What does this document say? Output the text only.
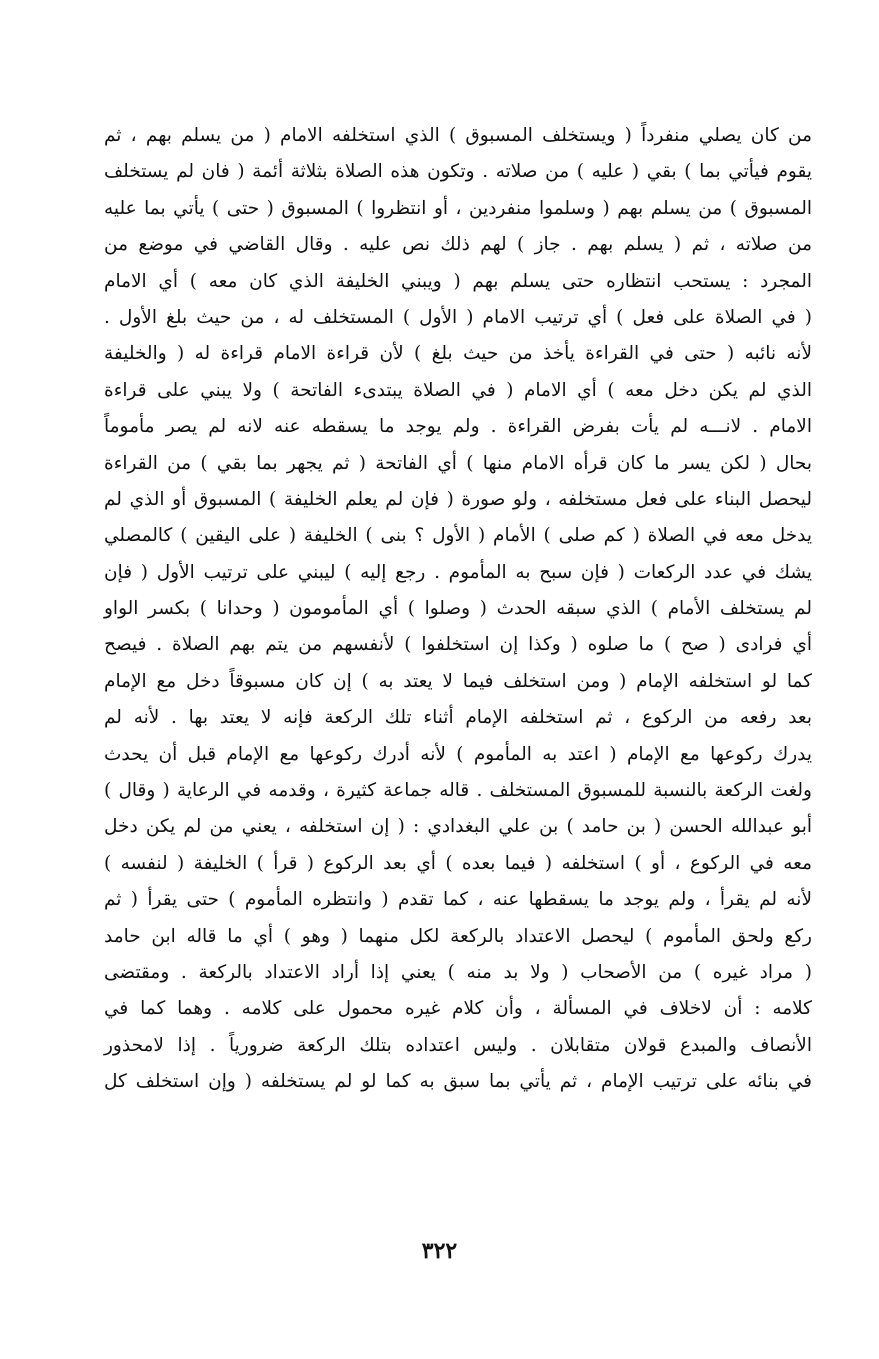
من كان يصلي منفرداً ( ويستخلف المسبوق ) الذي استخلفه الامام ( من يسلم بهم ، ثم
يقوم فيأتي بما ) بقي ( عليه ) من صلاته . وتكون هذه الصلاة بثلاثة أئمة ( فان لم يستخلف
المسبوق ) من يسلم بهم ( وسلموا منفردين ، أو انتظروا ) المسبوق ( حتى ) يأتي بما عليه
من صلاته ، ثم ( يسلم بهم . جاز ) لهم ذلك نص عليه . وقال القاضي في موضع من
المجرد : يستحب انتظاره حتى يسلم بهم ( ويبني الخليفة الذي كان معه ) أي الامام
( في الصلاة على فعل ) أي ترتيب الامام ( الأول ) المستخلف له ، من حيث بلغ الأول .
لأنه نائبه ( حتى في القراءة يأخذ من حيث بلغ ) لأن قراءة الامام قراءة له ( والخليفة
الذي لم يكن دخل معه ) أي الامام ( في الصلاة يبتدىء الفاتحة ) ولا يبني على قراءة
الامام . لانـــه لم يأت بفرض القراءة . ولم يوجد ما يسقطه عنه لانه لم يصر مأموماً
بحال ( لكن يسر ما كان قرأه الامام منها ) أي الفاتحة ( ثم يجهر بما بقي ) من القراءة
ليحصل البناء على فعل مستخلفه ، ولو صورة ( فإن لم يعلم الخليفة ) المسبوق أو الذي لم
يدخل معه في الصلاة ( كم صلى ) الأمام ( الأول ؟ بنى ) الخليفة ( على اليقين ) كالمصلي
يشك في عدد الركعات ( فإن سبح به المأموم . رجع إليه ) ليبني على ترتيب الأول ( فإن
لم يستخلف الأمام ) الذي سبقه الحدث ( وصلوا ) أي المأمومون ( وحدانا ) بكسر الواو
أي فرادى ( صح ) ما صلوه ( وكذا إن استخلفوا ) لأنفسهم من يتم بهم الصلاة . فيصح
كما لو استخلفه الإمام ( ومن استخلف فيما لا يعتد به ) إن كان مسبوقاً دخل مع الإمام
بعد رفعه من الركوع ، ثم استخلفه الإمام أثناء تلك الركعة فإنه لا يعتد بها . لأنه لم
يدرك ركوعها مع الإمام ( اعتد به المأموم ) لأنه أدرك ركوعها مع الإمام قبل أن يحدث
ولغت الركعة بالنسبة للمسبوق المستخلف . قاله جماعة كثيرة ، وقدمه في الرعاية ( وقال )
أبو عبدالله الحسن ( بن حامد ) بن علي البغدادي : ( إن استخلفه ، يعني من لم يكن دخل
معه في الركوع ، أو ) استخلفه ( فيما بعده ) أي بعد الركوع ( قرأ ) الخليفة ( لنفسه )
لأنه لم يقرأ ، ولم يوجد ما يسقطها عنه ، كما تقدم ( وانتظره المأموم ) حتى يقرأ ( ثم
ركع ولحق المأموم ) ليحصل الاعتداد بالركعة لكل منهما ( وهو ) أي ما قاله ابن حامد
( مراد غيره ) من الأصحاب ( ولا بد منه ) يعني إذا أراد الاعتداد بالركعة . ومقتضى
كلامه : أن لاخلاف في المسألة ، وأن كلام غيره محمول على كلامه . وهما كما في
الأنصاف والمبدع قولان متقابلان . وليس اعتداده بتلك الركعة ضرورياً . إذا لامحذور
في بنائه على ترتيب الإمام ، ثم يأتي بما سبق به كما لو لم يستخلفه ( وإن استخلف كل
٣٢٢
